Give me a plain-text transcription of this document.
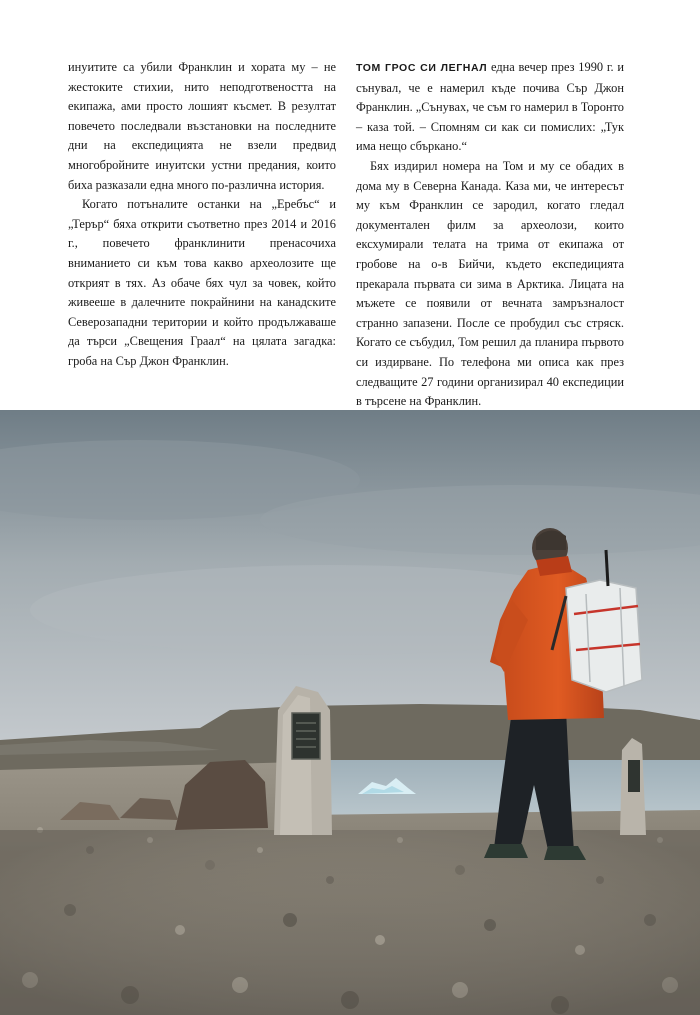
инуитите са убили Франклин и хората му – не жестоките стихии, нито неподготвеността на екипажа, ами просто лошият късмет. В резултат повечето последвали възстановки на последните дни на експедицията не взели предвид многобройните инуитски устни предания, които биха разказали една много по-различна история.

Когато потъналите останки на „Еребъс“ и „Терър“ бяха открити съответно през 2014 и 2016 г., повечето франклинити пренасочиха вниманието си към това какво археолозите ще открият в тях. Аз обаче бях чул за човек, който живееше в далечните покрайнини на канадските Северозападни територии и който продължаваше да търси „Свещения Граал“ на цялата загадка: гроба на Сър Джон Франклин.

ТОМ ГРОС СИ ЛЕГНАЛ една вечер през 1990 г. и сънувал, че е намерил къде почива Сър Джон Франклин. „Сънувах, че съм го намерил в Торонто – каза той. – Спомням си как си помислих: „Тук има нещо сбъркано.“

Бях издирил номера на Том и му се обадих в дома му в Северна Канада. Каза ми, че интересът му към Франклин се зародил, когато гледал документален филм за археолози, които ексхумирали телата на трима от екипажа от гробове на о-в Бийчи, където експедицията прекарала първата си зима в Арктика. Лицата на мъжете се появили от вечната замръзналост странно запазени. После се пробудил със стряск. Когато се събудил, Том решил да планира първото си издирване. По телефона ми описа как през следващите 27 години организирал 40 експедиции в търсене на Франклин.
